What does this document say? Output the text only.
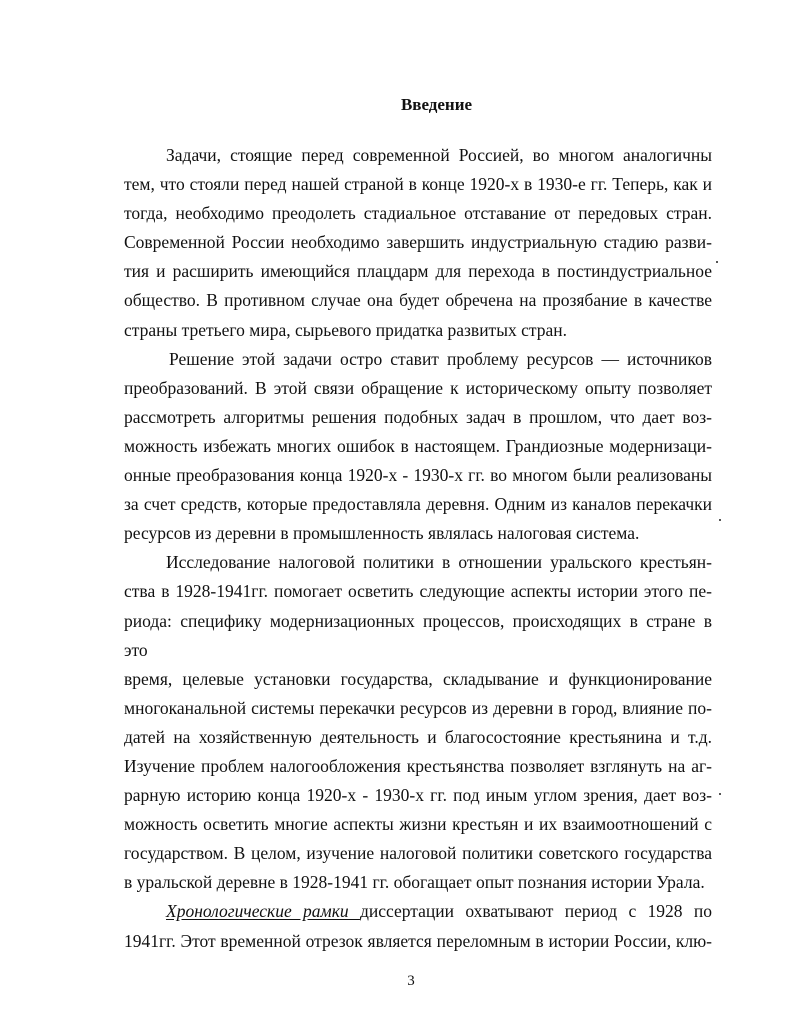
Введение

Задачи, стоящие перед современной Россией, во многом аналогичны

тем, что стояли перед нашей страной в конце 1920-х в 1930-е гг. Теперь, как и

тогда, необходимо преодолеть стадиальное отставание от передовых стран.

Современной России необходимо завершить индустриальную стадию разви-

тия и расширить имеющийся плацдарм для перехода в постиндустриальное

общество. В противном случае она будет обречена на прозябание в качестве

страны третьего мира, сырьевого придатка развитых стран.

Решение этой задачи остро ставит проблему ресурсов — источников

преобразований. В этой связи обращение к историческому опыту позволяет

рассмотреть алгоритмы решения подобных задач в прошлом, что дает воз-

можность избежать многих ошибок в настоящем. Грандиозные модернизаци-

онные преобразования конца 1920-х - 1930-х гг. во многом были реализованы

за счет средств, которые предоставляла деревня. Одним из каналов перекачки

ресурсов из деревни в промышленность являлась налоговая система.

Исследование налоговой политики в отношении уральского крестьян-

ства в 1928-1941гг. помогает осветить следующие аспекты истории этого пе-

риода: специфику модернизационных процессов, происходящих в стране в это

время, целевые установки государства, складывание и функционирование

многоканальной системы перекачки ресурсов из деревни в город, влияние по-

датей на хозяйственную деятельность и благосостояние крестьянина и т.д.

Изучение проблем налогообложения крестьянства позволяет взглянуть на аг-

рарную историю конца 1920-х - 1930-х гг. под иным углом зрения, дает воз-

можность осветить многие аспекты жизни крестьян и их взаимоотношений с

государством. В целом, изучение налоговой политики советского государства

в уральской деревне в 1928-1941 гг. обогащает опыт познания истории Урала.

Хронологические рамки диссертации охватывают период с 1928 по

1941гг. Этот временной отрезок является переломным в истории России, клю-

3
